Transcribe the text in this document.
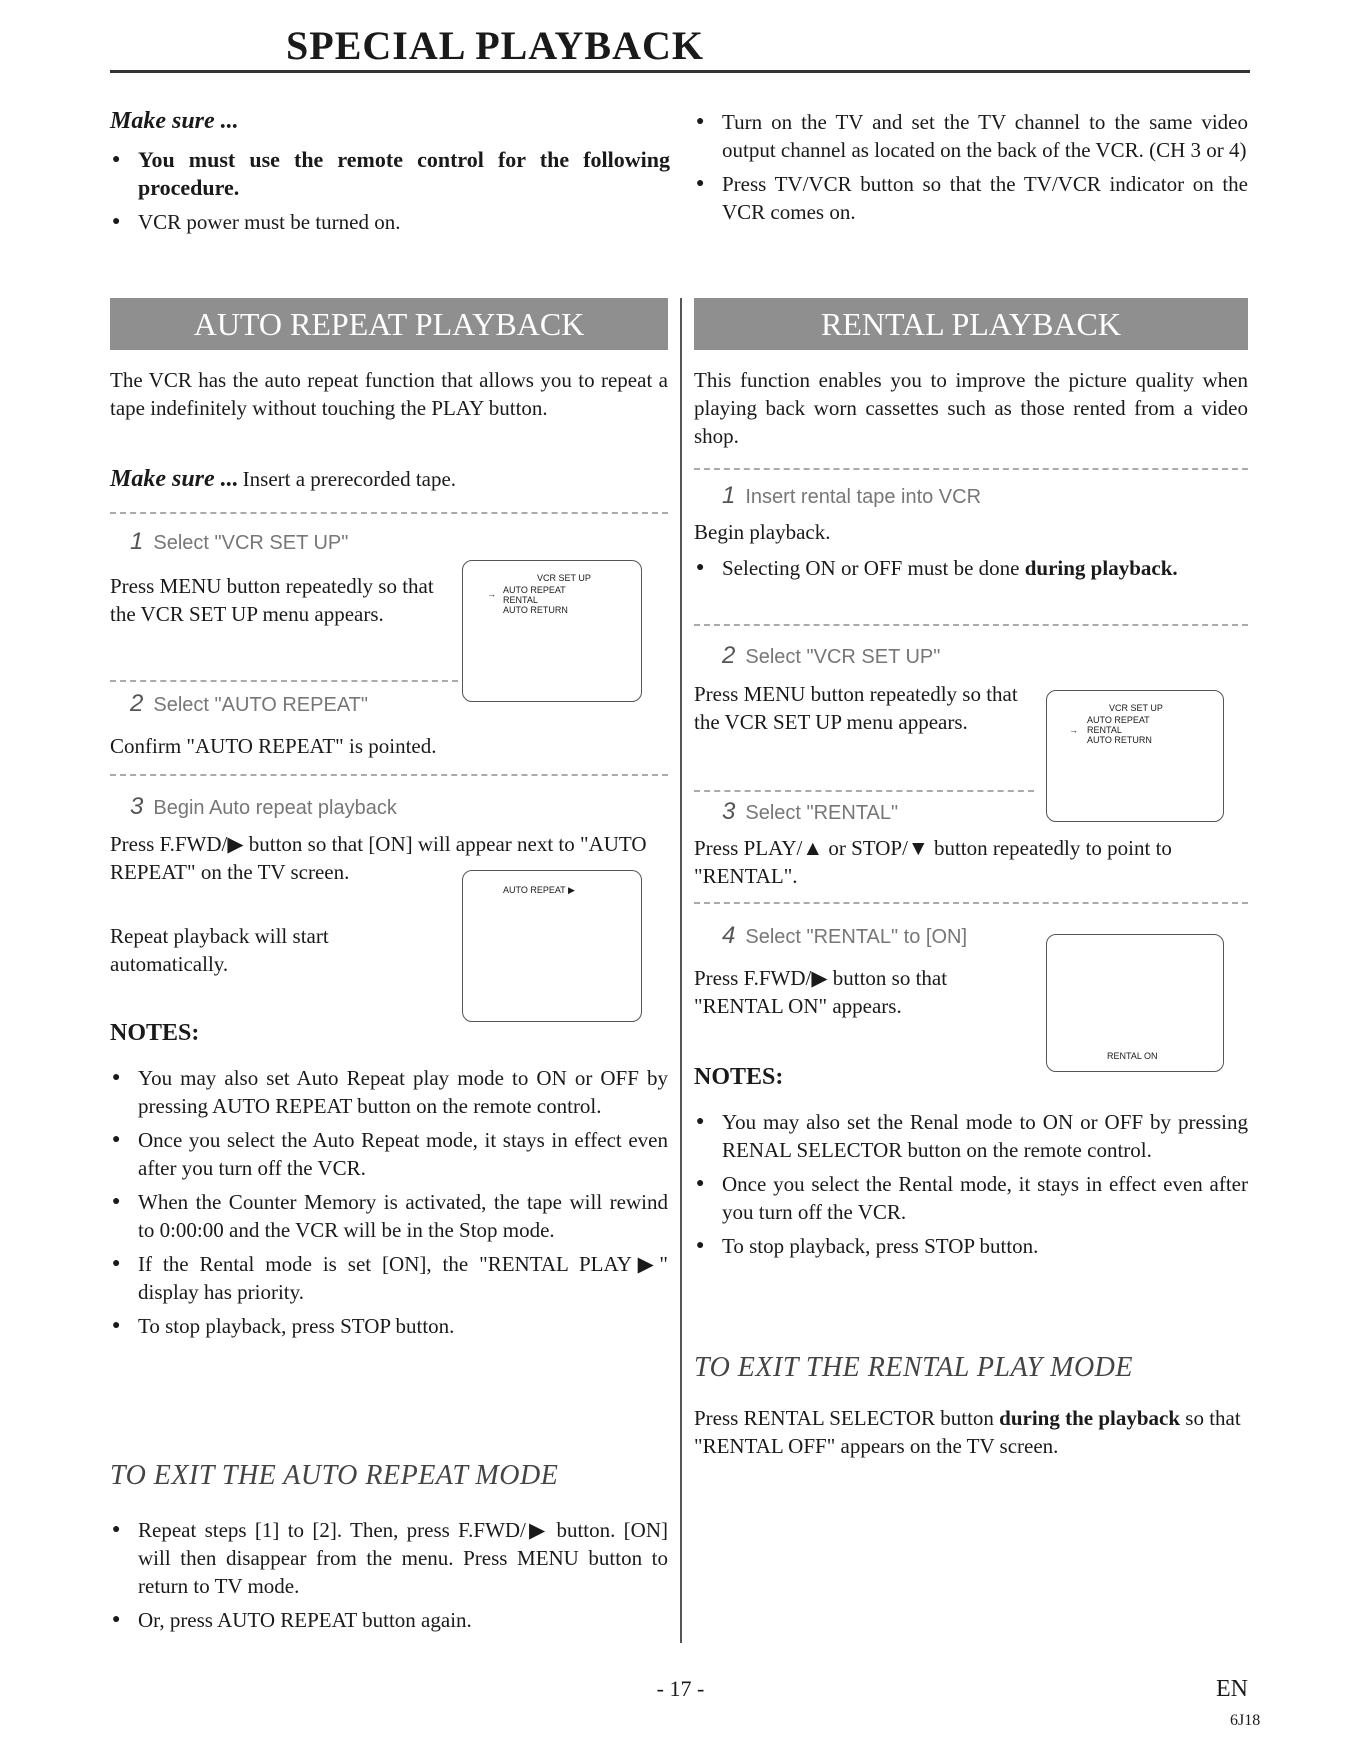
SPECIAL PLAYBACK
Make sure ...
● You must use the remote control for the following procedure.
● VCR power must be turned on.
● Turn on the TV and set the TV channel to the same video output channel as located on the back of the VCR. (CH 3 or 4)
● Press TV/VCR button so that the TV/VCR indicator on the VCR comes on.
AUTO REPEAT PLAYBACK
The VCR has the auto repeat function that allows you to repeat a tape indefinitely without touching the PLAY button.
Make sure ... Insert a prerecorded tape.
1 Select "VCR SET UP"
Press MENU button repeatedly so that the VCR SET UP menu appears.
VCR SET UP
→ AUTO REPEAT
RENTAL
AUTO RETURN
2 Select "AUTO REPEAT"
Confirm "AUTO REPEAT" is pointed.
3 Begin Auto repeat playback
Press F.FWD/▶ button so that [ON] will appear next to "AUTO REPEAT" on the TV screen.
Repeat playback will start automatically.
AUTO REPEAT ▶
NOTES:
● You may also set Auto Repeat play mode to ON or OFF by pressing AUTO REPEAT button on the remote control.
● Once you select the Auto Repeat mode, it stays in effect even after you turn off the VCR.
● When the Counter Memory is activated, the tape will rewind to 0:00:00 and the VCR will be in the Stop mode.
● If the Rental mode is set [ON], the "RENTAL PLAY▶" display has priority.
● To stop playback, press STOP button.
TO EXIT THE AUTO REPEAT MODE
● Repeat steps [1] to [2]. Then, press F.FWD/▶ button. [ON] will then disappear from the menu. Press MENU button to return to TV mode.
● Or, press AUTO REPEAT button again.
RENTAL PLAYBACK
This function enables you to improve the picture quality when playing back worn cassettes such as those rented from a video shop.
1 Insert rental tape into VCR
Begin playback.
● Selecting ON or OFF must be done during playback.
2 Select "VCR SET UP"
Press MENU button repeatedly so that the VCR SET UP menu appears.
VCR SET UP
→
AUTO REPEAT
RENTAL
AUTO RETURN
3 Select "RENTAL"
Press PLAY/▲ or STOP/▼ button repeatedly to point to "RENTAL".
4 Select "RENTAL" to [ON]
Press F.FWD/▶ button so that "RENTAL ON" appears.
RENTAL ON
NOTES:
● You may also set the Renal mode to ON or OFF by pressing RENAL SELECTOR button on the remote control.
● Once you select the Rental mode, it stays in effect even after you turn off the VCR.
● To stop playback, press STOP button.
TO EXIT THE RENTAL PLAY MODE
Press RENTAL SELECTOR button during the playback so that "RENTAL OFF" appears on the TV screen.
- 17 -	EN
6J18
